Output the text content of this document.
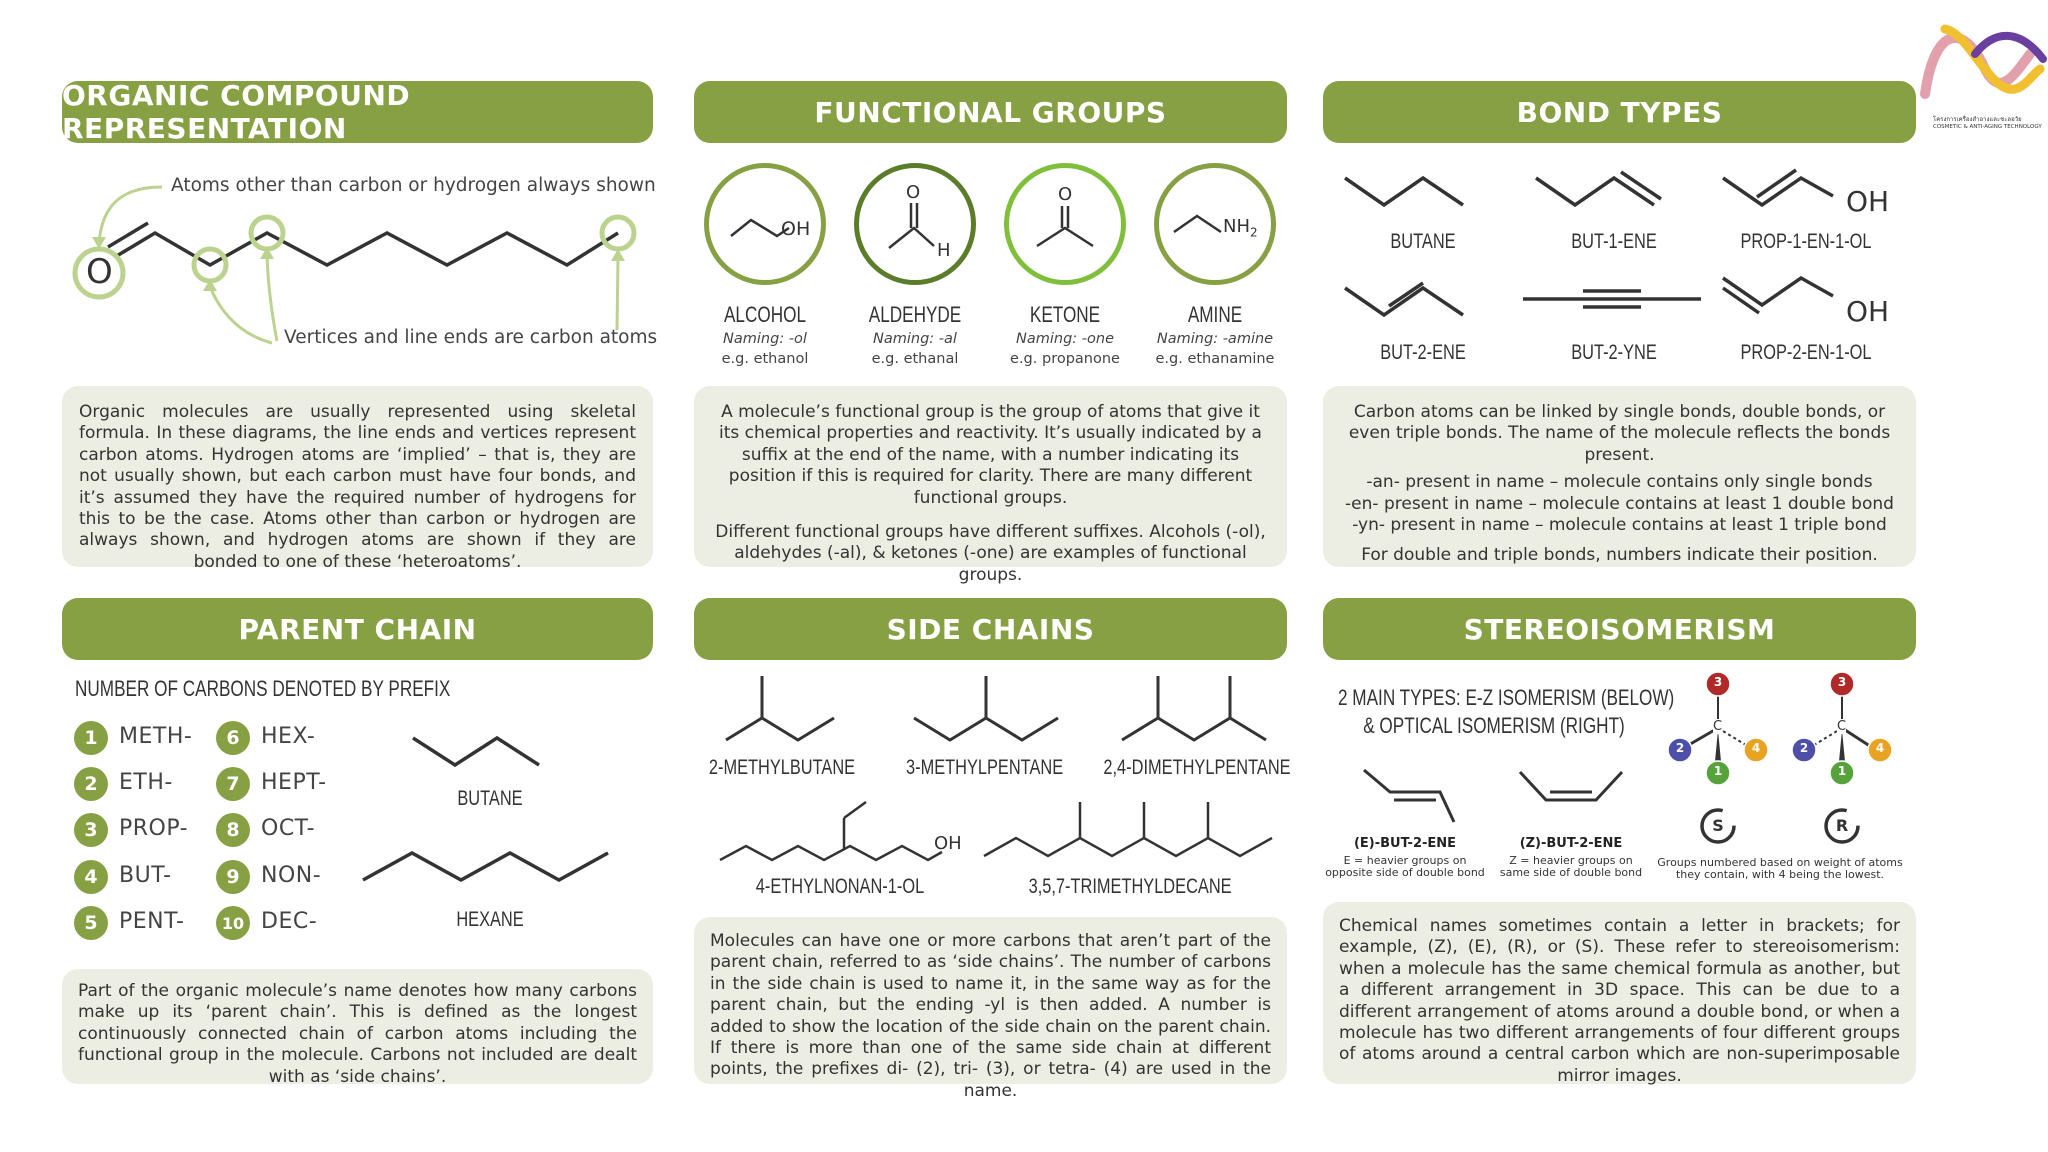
โครงการเครื่องสำอางและชะลอวัย
COSMETIC & ANTI-AGING TECHNOLOGY
ORGANIC COMPOUND REPRESENTATION
O
Atoms other than carbon or hydrogen always shown
Vertices and line ends are carbon atoms
Organic molecules are usually represented using skeletal formula. In these diagrams, the line ends and vertices represent carbon atoms. Hydrogen atoms are ‘implied’ – that is, they are not usually shown, but each carbon must have four bonds, and it’s assumed they have the required number of hydrogens for this to be the case. Atoms other than carbon or hydrogen are always shown, and hydrogen atoms are shown if they are bonded to one of these ‘heteroatoms’.
FUNCTIONAL GROUPS
OH
ALCOHOL
Naming: -ol
e.g. ethanol
O
H
ALDEHYDE
Naming: -al
e.g. ethanal
O
KETONE
Naming: -one
e.g. propanone
$NH_2$
AMINE
Naming: -amine
e.g. ethanamine
A molecule’s functional group is the group of atoms that give it its chemical properties and reactivity. It’s usually indicated by a suffix at the end of the name, with a number indicating its position if this is required for clarity. There are many different functional groups.
Different functional groups have different suffixes. Alcohols (-ol), aldehydes (-al), & ketones (-one) are examples of functional groups.
BOND TYPES
OH
OH
BUTANE	BUT-1-ENE	PROP-1-EN-1-OL
BUT-2-ENE	BUT-2-YNE	PROP-2-EN-1-OL
Carbon atoms can be linked by single bonds, double bonds, or even triple bonds. The name of the molecule reflects the bonds present.
-an- present in name – molecule contains only single bonds
-en- present in name – molecule contains at least 1 double bond
-yn- present in name – molecule contains at least 1 triple bond
For double and triple bonds, numbers indicate their position.
PARENT CHAIN
NUMBER OF CARBONS DENOTED BY PREFIX
1 METH-
2 ETH-
3 PROP-
4 BUT-
5 PENT-
6 HEX-
7 HEPT-
8 OCT-
9 NON-
10 DEC-
BUTANE
HEXANE
Part of the organic molecule’s name denotes how many carbons make up its ‘parent chain’. This is defined as the longest continuously connected chain of carbon atoms including the functional group in the molecule. Carbons not included are dealt with as ‘side chains’.
SIDE CHAINS
OH
2-METHYLBUTANE 3-METHYLPENTANE	2,4-DIMETHYLPENTANE
4-ETHYLNONAN-1-OL	3,5,7-TRIMETHYLDECANE
Molecules can have one or more carbons that aren’t part of the parent chain, referred to as ‘side chains’. The number of carbons in the side chain is used to name it, in the same way as for the parent chain, but the ending -yl is then added. A number is added to show the location of the side chain on the parent chain. If there is more than one of the same side chain at different points, the prefixes di- (2), tri- (3), or tetra- (4) are used in the name.
STEREOISOMERISM
2 MAIN TYPES: E-Z ISOMERISM (BELOW)
& OPTICAL ISOMERISM (RIGHT)
(E)-BUT-2-ENE
E = heavier groups on
opposite side of double bond
(Z)-BUT-2-ENE
Z = heavier groups on
same side of double bond
3
2	4
1
3
4
2
1
C	C
S	R
Groups numbered based on weight of atoms
they contain, with 4 being the lowest.
Chemical names sometimes contain a letter in brackets; for example, (Z), (E), (R), or (S). These refer to stereoisomerism: when a molecule has the same chemical formula as another, but a different arrangement in 3D space. This can be due to a different arrangement of atoms around a double bond, or when a molecule has two different arrangements of four different groups of atoms around a central carbon which are non-superimposable mirror images.
